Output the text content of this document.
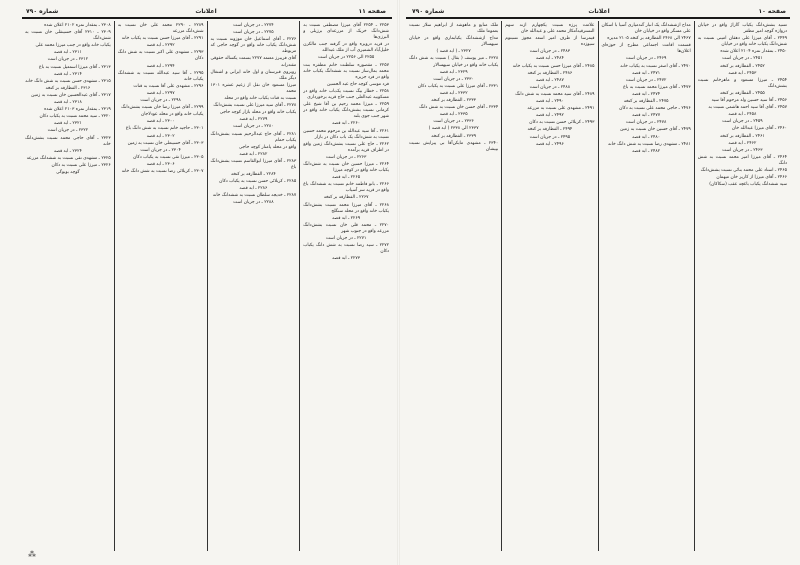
صفحه ۱۱
اعلانات
شماره ۷۹۰
۲۲۵۳ ـ ۲۲۵۴ آقای میرزا مصطفی نسبت به شش‌دانگ خربک از مزرعه‌ای برزیلی و البرزی‌ها
در قریه درویزه واقع در گرفته جنب مالکزن خلیل‌آباد الشمیری آب از ملک عبدالله
۲۲۵۵ الی ۲۲۵۶ در جریان است
۲۲۵۷ ـ مقصوره سلطنت خانم مظفره بنت محمد بمال‌ساز نسبت به ششدانگ یکباب خانه واقع در فرد جزیره
فرد موسی کوچه حاج عبد الحسین
۲۲۵۸ ـ خطار بیگ نسبت یک‌باب خانه واقع در مسکوبیه عبدالعلی جنب حاج قریه برخورداری
۲۲۵۹ ـ میرزا محمد رحیم بن آقا شیخ علی کرمانی نسبت بشش‌دانگ یکباب خانه واقع در شهر جنب جوی بلند
۲۲۶۰ ـ ابد قصه
۲۲۶۱ ـ آقا سید عبدالله بن مرحوم محمد حسین نسبت به شش‌دانگ یک باب دکان در بازار
۲۲۶۲ ـ حاج علی نسبت بشش‌دانگ زمین واقع در اطراف قریه برآمده
۲۲۶۳ ـ در جریان است
۲۲۶۴ ـ میرزا حسین خان نسبت به شش‌دانگ یکباب خانه واقع در کوچه میرزا
۲۲۶۵ ـ ابد قصه
۲۲۶۶ ـ بانو فاطمه خانم نسبت به ششدانگ باغ واقع در قریه سر آسیاب
۲۲۶۷ ـ الفظارفه بر کتخه
۲۲۶۸ ـ آقای میرزا محمد نسبت بشش‌دانگ یکباب خانه واقع در محله سنگلج
۲۲۶۹ ـ ابد قصه
۲۲۷۰ ـ محمد قلی خان نسبت بشش‌دانگ مزرعه واقع در جنوب شهر
۲۲۷۱ ـ در جریان است
۲۲۷۲ ـ سید رضا نسبت به شش دانگ یکباب دکان
۲۲۷۳ ـ ابد قصه
۲۲۷۴ ـ در جریان است
۲۲۷۵ ـ در جریان است
۲۲۷۶ ـ آقای اسماعیل خان موزونه نسبت به شش‌دانگ یکباب خانه واقع در گوچه حاجی که مربوطه
آقای فریبرز معتمد ۲۲۷۷ بسمت یکساله حقوقی مقتدرانه
روبروی قبرستان و اول خانه ایرانی و اشتغال دیگر ملک
میرزا مسعود خان نقل از زعیم عشره ۱۳۰۱ محمد
نسبت به قنات یکباب خانه واقع در محله
۲۲۷۸ ـ آقای سید میرزا علی نسبت بشش‌دانگ
یکباب خانه واقع در محله بازار کوچه حاجی
۲۲۷۹ ـ ابد قصه
۲۲۸۰ ـ در جریان است
۲۲۸۱ ـ آقای حاج عبدالرحیم نسبت بشش‌دانگ یکباب حمام
واقع در محله پامنار کوچه حاجی
۲۲۸۲ ـ ابد قصه
۲۲۸۳ ـ آقای میرزا ابوالقاسم نسبت بشش‌دانگ باغ
۲۲۸۴ ـ الفظارفه بر کتخه
۲۲۸۵ ـ کربلائی حسن نسبت به یکباب دکان
۲۲۸۶ ـ ابد قصه
۲۲۸۷ ـ خدیجه سلطان نسبت به ششدانگ خانه
۲۲۸۸ ـ در جریان است
۲۲۸۹ ـ ۲۲۹۰ محمد علی خان نسبت به شش‌دانگ مزرعه
۲۲۹۱ ـ آقای میرزا حسن نسبت به یکباب خانه
۲۲۹۲ ـ ابد قصه
۲۲۹۳ ـ مشهدی علی اکبر نسبت به شش دانگ دکان
۲۲۹۴ ـ ابد قصه
۲۲۹۵ ـ آقا سید عبدالله نسبت به ششدانگ یکباب خانه
۲۲۹۶ ـ مشهدی علی آقا نسبت به قنات
۲۲۹۷ ـ ابد قصه
۲۲۹۸ ـ در جریان است
۲۲۹۹ ـ آقای میرزا رضا خان نسبت بشش‌دانگ
یکباب خانه واقع در محله عودلاجان
۲۳۰۰ ـ ابد قصه
۲۳۰۱ ـ حاجیه خانم نسبت به شش دانگ باغ
۲۳۰۲ ـ ابد قصه
۲۳۰۳ ـ آقای حسینعلی خان نسبت به زمین
۲۳۰۴ ـ در جریان است
۲۳۰۵ ـ میرزا تقی نسبت به یکباب دکان
۲۳۰۶ ـ ابد قصه
۲۳۰۷ ـ کربلائی رضا نسبت به شش دانگ خانه
۲۳۰۸ ـ بمقدار نمره ۲۱۰۲ اعلان شده
۲۳۰۹ ـ ۲۳۱۰ آقای حسینقلی خان نسبت به شش‌دانگ
یکباب خانه واقع در جنب میرزا محمد علی
۲۳۱۱ ـ ابد قصه
۲۳۱۲ ـ در جریان است
۲۳۱۳ ـ آقای میرزا اسمعیل نسبت به باغ
۲۳۱۴ ـ ابد قصه
۲۳۱۵ ـ مشهدی حسن نسبت به شش دانگ خانه
۲۳۱۶ ـ الفظارفه بر کتخه
۲۳۱۷ ـ آقای عبدالحسین خان نسبت به زمین
۲۳۱۸ ـ ابد قصه
۲۳۱۹ ـ بمقدار نمره ۲۱۰۳ اعلان شده
۲۳۲۰ ـ سید محمد نسبت به یکباب دکان
۲۳۲۱ ـ ابد قصه
۲۳۲۲ ـ در جریان است
۲۳۲۳ ـ آقای حاجی محمد نسبت بشش‌دانگ خانه
۲۳۲۴ ـ ابد قصه
۲۳۲۵ ـ مشهدی تقی نسبت به ششدانگ مزرعه
۲۳۲۶ ـ میرزا علی نسبت به دکان
گوچه بوبوگی
⁂
صفحه ۱۰
اعلانات
شماره ۷۹۰
تسید بشش‌دانگ یکباب گاراژ واقع در خیابان دروازه گوچه امیر مظفر
۲۴۴۹ ـ آقای میرزا علی دهقان امینی نسبت به شش‌دانگ یکباب خانه واقع در خیابان
۲۴۵۰ ـ بمقدار نمره ۲۱۰۴ اعلان شده
۲۴۵۱ ـ در جریان است
۲۴۵۲ ـ الفظارفه بر کتخه
۲۴۵۳ ـ ابد قصه
۲۴۵۴ ـ میرزا مسعود و ماهرخانم نسبت بشش‌دانگ
۲۴۵۵ ـ الفظارفه بر کتخه
۲۴۵۶ ـ آقا سید حسین ولد مرحوم آقا سید
۲۴۵۷ ـ آقای آقا سید احمد هاشمی نسبت به
۲۴۵۸ ـ ابد قصه
۲۴۵۹ ـ در جریان است
۲۴۶۰ ـ آقای میرزا عبدالله خان
۲۴۶۱ ـ الفظارفه بر کتخه
۲۴۶۲ ـ ابد قصه
۲۴۶۳ ـ در جریان است
۲۴۶۴ ـ آقای میرزا امیر محمد نسبت به شش دانگ
۲۴۶۵ ـ استاد علی محمد بنائی نسبت بشش‌دانگ
۲۴۶۶ ـ آقای میرزا از کاریز خان میهمان
سید ششدانگ یکباب باغچه عقب (سکاکان)
مداح ازششدانگ یک انبار گندمیاری آسیا با اسکان علی مسگر واقع در خیابان خان
۲۴۶۷ الی ۲۴۶۸ الفظارفه بر کتخه ۲۱۰۵ مدیره
قسمت اقامت اجتماعی مطرح از حوزه‌ای اعلان‌ها
۲۴۶۹ ـ در جریان است
۲۴۷۰ ـ آقای اصغر نسبت به یکباب خانه
۲۴۷۱ ـ ابد قصه
۲۴۷۲ ـ در جریان است
۲۴۷۳ ـ آقای میرزا محمد نسبت به باغ
۲۴۷۴ ـ ابد قصه
۲۴۷۵ ـ الفظارفه بر کتخه
۲۴۷۶ ـ حاجی محمد علی نسبت به دکان
۲۴۷۷ ـ ابد قصه
۲۴۷۸ ـ در جریان است
۲۴۷۹ ـ آقای حسین خان نسبت به زمین
۲۴۸۰ ـ ابد قصه
۲۴۸۱ ـ مشهدی رضا نسبت به شش دانگ خانه
۲۴۸۲ ـ ابد قصه
علامت پرزه نسبت یکچهارم ازنه سهم النسترقیه‌آمکاز محمد علی و عبدالله خان
قیمرسا از طرف امیر اسعد مجوز نسبتوم سیوزده
۲۴۸۳ ـ در جریان است
۲۴۸۴ ـ ابد قصه
۲۴۸۵ ـ آقای میرزا حسن نسبت به یکباب خانه
۲۴۸۶ ـ الفظارفه بر کتخه
۲۴۸۷ ـ ابد قصه
۲۴۸۸ ـ در جریان است
۲۴۸۹ ـ آقای سید محمد نسبت به شش دانگ
۲۴۹۰ ـ ابد قصه
۲۴۹۱ ـ مشهدی علی نسبت به مزرعه
۲۴۹۲ ـ ابد قصه
۲۴۹۳ ـ کربلائی حسن نسبت به دکان
۲۴۹۴ ـ الفظارفه بر کتخه
۲۴۹۵ ـ در جریان است
۲۴۹۶ ـ ابد قصه
ملک منابع و ماهوشد از ابراهیم سلار نسبت بعموما ملک
مداح ازششدانگ یکبابماری واقع در خیابان سپهسالار
۲۳۲۷ ـ ( ابد قصه )
۲۳۲۸ ـ میر یوسف ( بقال ) نسبت به شش دانگ یکباب خانه واقع در خیابان سپهسالار
۲۳۲۹ ـ ابد قصه
۲۳۳۰ ـ در جریان است
۲۳۳۱ ـ آقای میرزا علی نسبت به یکباب دکان
۲۳۳۲ ـ ابد قصه
۲۳۳۳ ـ الفظارفه بر کتخه
۲۳۳۴ ـ آقای حسن خان نسبت به شش دانگ
۲۳۳۵ ـ ابد قصه
۲۳۳۶ ـ در جریان است
۲۳۳۷ الی ۲۳۳۸ ( ابد قصه )
۲۳۳۹ ـ الفظارفه بر کتخه
۲۳۴۰ ـ مشهدی مایکن‌آقا بی پیرایش نسبت بپیشان
